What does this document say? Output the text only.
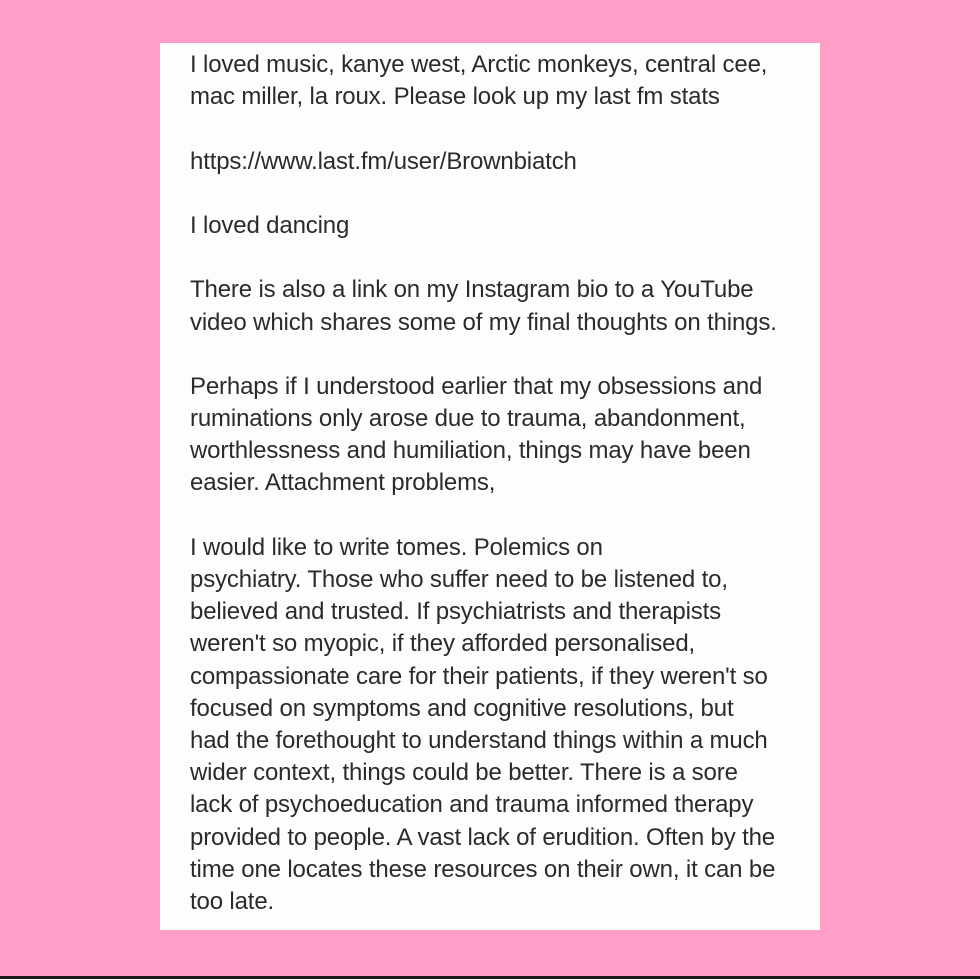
I loved music, kanye west, Arctic monkeys, central cee,
mac miller, la roux. Please look up my last fm stats
https://www.last.fm/user/Brownbiatch
I loved dancing
There is also a link on my Instagram bio to a YouTube
video which shares some of my final thoughts on things.
Perhaps if I understood earlier that my obsessions and
ruminations only arose due to trauma, abandonment,
worthlessness and humiliation, things may have been
easier. Attachment problems,
I would like to write tomes. Polemics on
psychiatry. Those who suffer need to be listened to,
believed and trusted. If psychiatrists and therapists
weren't so myopic, if they afforded personalised,
compassionate care for their patients, if they weren't so
focused on symptoms and cognitive resolutions, but
had the forethought to understand things within a much
wider context, things could be better. There is a sore
lack of psychoeducation and trauma informed therapy
provided to people. A vast lack of erudition. Often by the
time one locates these resources on their own, it can be
too late.
